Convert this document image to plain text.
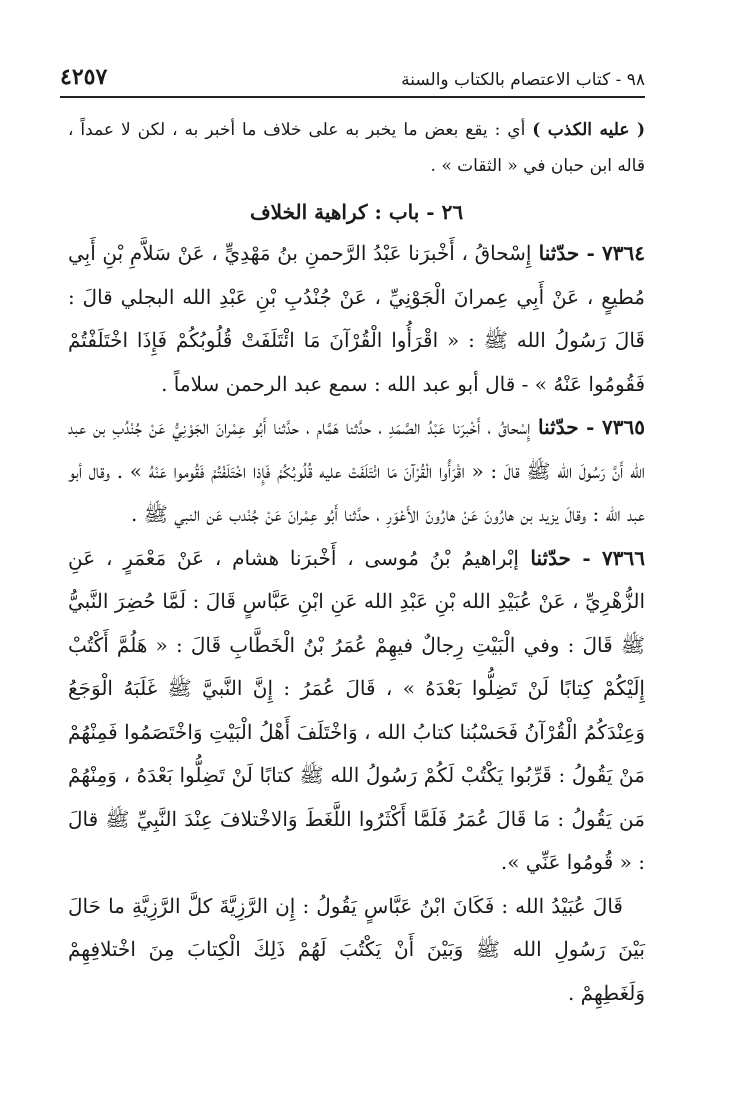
٩٨ - كتاب الاعتصام بالكتاب والسنة
٤٢٥٧
( عليه الكذب ) أي : يقع بعض ما يخبر به على خلاف ما أخبر به ، لكن لا عمداً ، قاله ابن حبان في « الثقات » .
٢٦ - باب : كراهية الخلاف
٧٣٦٤ - حدّثنا إِسْحاقُ ، أَخْبرَنا عَبْدُ الرَّحمنِ بنُ مَهْدِيٍّ ، عَنْ سَلاَّمِ بْنِ أَبِي مُطيعٍ ، عَنْ أَبِي عِمرانَ الْجَوْنِيِّ ، عَنْ جُنْدُبِ بْنِ عَبْدِ الله البجلي قالَ : قَالَ رَسُولُ الله ﷺ : « اقْرَأُوا الْقُرْآنَ مَا ائْتَلَفَتْ قُلُوبُكُمْ فَإِذَا اخْتَلَفْتُمْ فَقُومُوا عَنْهُ » - قال أبو عبد الله : سمع عبد الرحمن سلاماً .
٧٣٦٥ - حدّثنا إِسْحاقُ ، أَخْبرَنا عَبْدُ الصَّمَدِ ، حدَّثنا هَمَّام ، حدَّثنا أَبُو عِمْرانَ الجَوْنِيُّ عَنْ جُنْدُبِ بن عبد الله أَنَّ رَسُولَ الله ﷺ قالَ : « اقْرَأُوا الْقُرْآنَ مَا ائْتَلَفَتْ عليه قُلُوبُكُمْ فَإِذا اخْتَلَفْتُمْ فَقُوموا عَنْهُ » . وقال أبو عبد الله : وقالَ يزيد بن هارُونَ عَنْ هارُونَ الأَعْوَرِ ، حدَّثنا أَبُو عِمْرانَ عَنْ جُنْدب عَن النبي ﷺ .
٧٣٦٦ - حدّثنا إبْراهيمُ بْنُ مُوسى ، أَخْبرَنا هشام ، عَنْ مَعْمَرٍ ، عَنِ الزُّهْرِيِّ ، عَنْ عُبَيْدِ الله بْنِ عَبْدِ الله عَنِ ابْنِ عَبَّاسٍ قَالَ : لَمَّا حُضِرَ النَّبيُّ ﷺ قَالَ : وفي الْبَيْتِ رِجالٌ فيهِمْ عُمَرُ بْنُ الْخَطَّابِ قَالَ : « هَلُمَّ أَكْتُبْ إِلَيْكُمْ كِتابًا لَنْ تَضِلُّوا بَعْدَهُ » ، قَالَ عُمَرُ : إِنَّ النَّبيَّ ﷺ غَلَبَهُ الْوَجَعُ وَعِنْدَكُمُ الْقُرْآنُ فَحَسْبُنا كتابُ الله ، وَاخْتَلَفَ أَهْلُ الْبَيْتِ وَاخْتَصَمُوا فَمِنْهُمْ مَنْ يَقُولُ : قَرِّبُوا يَكْتُبْ لَكُمْ رَسُولُ الله ﷺ كتابًا لَنْ تَضِلُّوا بَعْدَهُ ، وَمِنْهُمْ مَن يَقُولُ : مَا قَالَ عُمَرُ فَلَمَّا أَكْثَرُوا اللَّغَطَ وَالاخْتلافَ عِنْدَ النَّبِيِّ ﷺ قالَ : « قُومُوا عَنِّي ».
قَالَ عُبَيْدُ الله : فَكَانَ ابْنُ عَبَّاسٍ يَقُولُ : إِن الرَّزِيَّةَ كلَّ الرَّزِيَّةِ ما حَالَ بَيْنَ رَسُولِ الله ﷺ وَبَيْنَ أَنْ يَكْتُبَ لَهُمْ ذَلِكَ الْكِتابَ مِنَ اخْتلافِهِمْ وَلَغَطِهِمْ .
